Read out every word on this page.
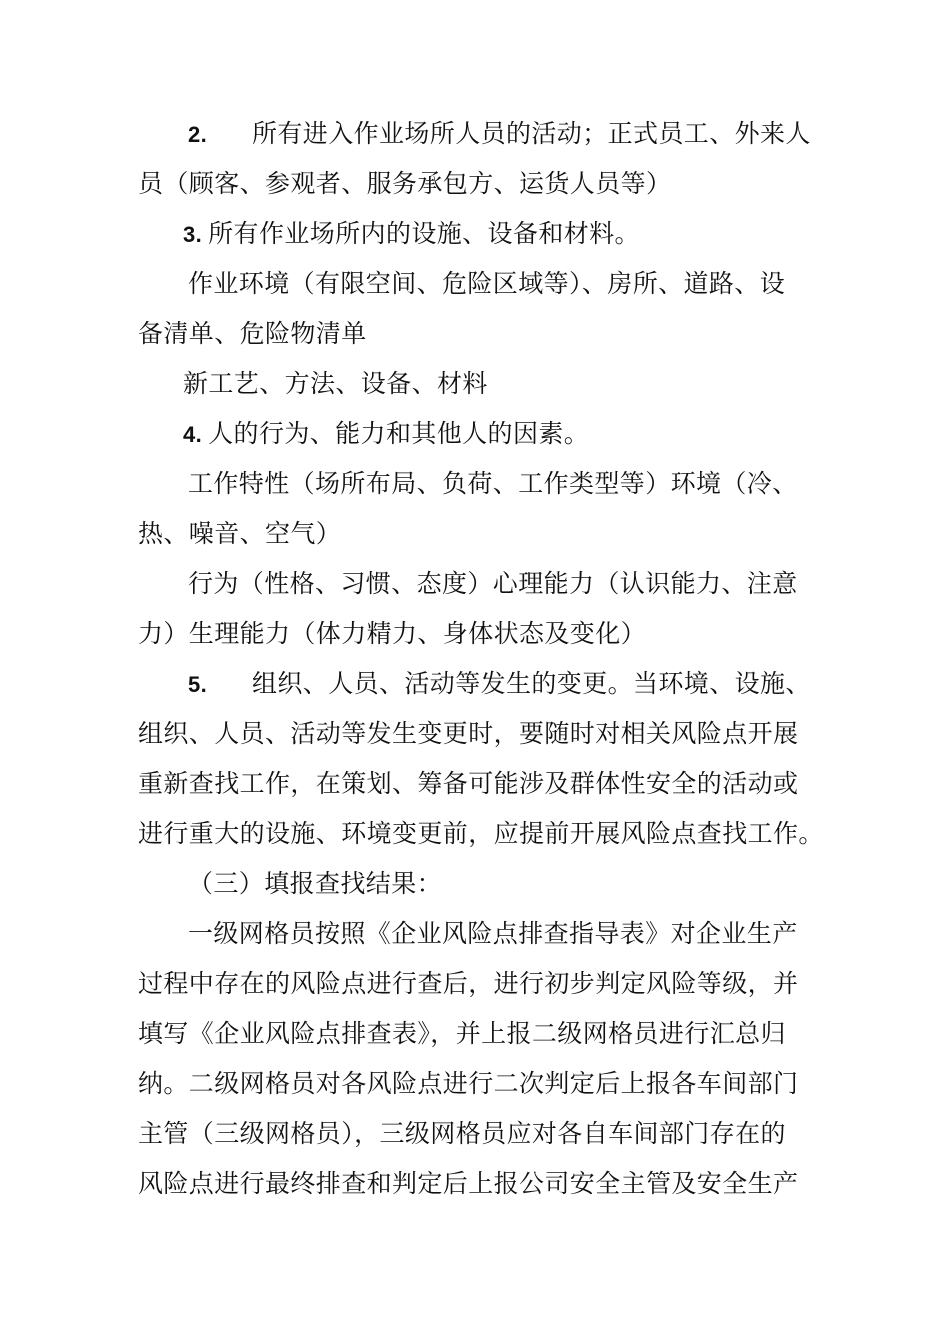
2. 所有进入作业场所人员的活动；正式员工、外来人
员（顾客、参观者、服务承包方、运货人员等）
3. 所有作业场所内的设施、设备和材料。
作业环境（有限空间、危险区域等）、房所、道路、设
备清单、危险物清单
新工艺、方法、设备、材料
4. 人的行为、能力和其他人的因素。
工作特性（场所布局、负荷、工作类型等）环境（冷、
热、噪音、空气）
行为（性格、习惯、态度）心理能力（认识能力、注意
力）生理能力（体力精力、身体状态及变化）
5. 组织、人员、活动等发生的变更。当环境、设施、
组织、人员、活动等发生变更时，要随时对相关风险点开展
重新查找工作，在策划、筹备可能涉及群体性安全的活动或
进行重大的设施、环境变更前，应提前开展风险点查找工作。
（三）填报查找结果：
一级网格员按照《企业风险点排查指导表》对企业生产
过程中存在的风险点进行查后，进行初步判定风险等级，并
填写《企业风险点排查表》，并上报二级网格员进行汇总归
纳。二级网格员对各风险点进行二次判定后上报各车间部门
主管（三级网格员），三级网格员应对各自车间部门存在的
风险点进行最终排查和判定后上报公司安全主管及安全生产
